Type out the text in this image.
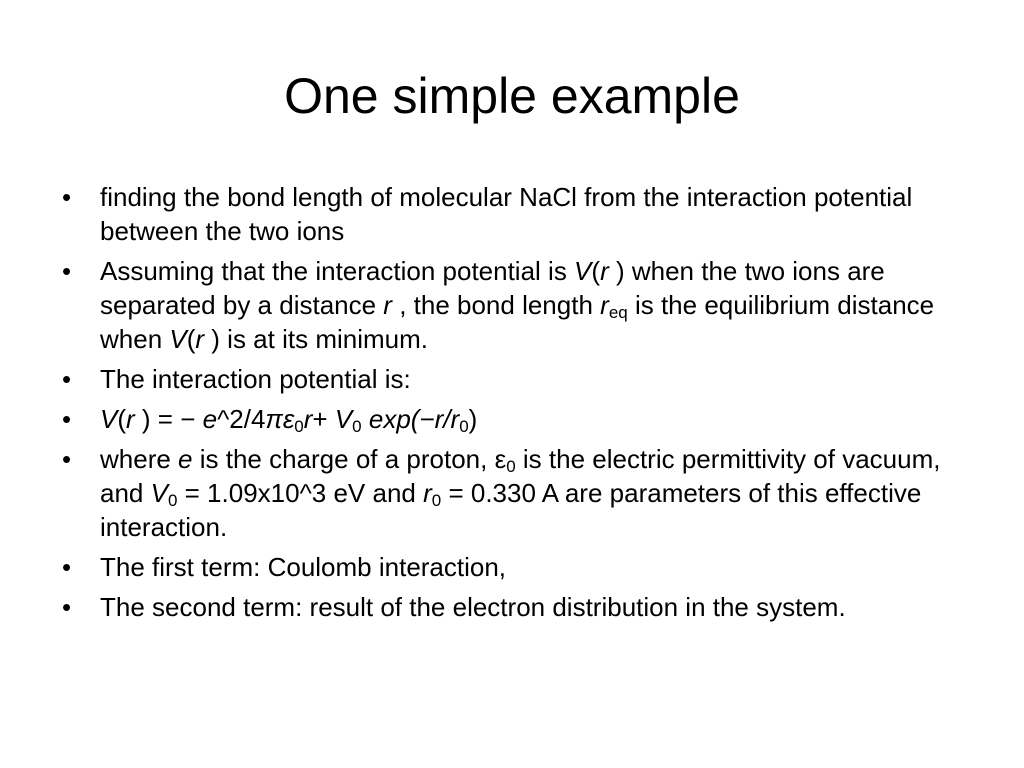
One simple example
• finding the bond length of molecular NaCl from the interaction potential between the two ions
• Assuming that the interaction potential is V(r ) when the two ions are separated by a distance r , the bond length $r_{eq}$ is the equilibrium distance when V(r ) is at its minimum.
• The interaction potential is:
• V(r ) = − $e\^{}2/4\pi\varepsilon_0r+ V_0$ $\exp(-r/r_0)$
• where e is the charge of a proton, $\varepsilon_0$ is the electric permittivity of vacuum, and $V_0$ = 1.09x10^3 eV and $r_0 = 0.330$ A are parameters of this effective interaction.
• The first term: Coulomb interaction,
• The second term: result of the electron distribution in the system.
